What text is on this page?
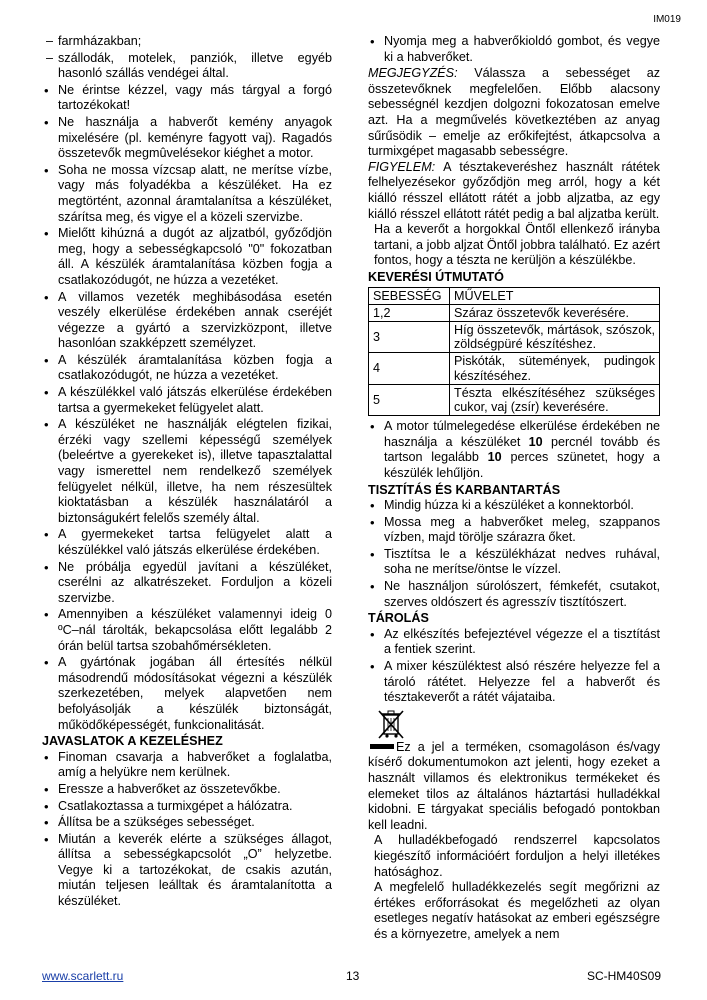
IM019
– farmházakban;
– szállodák, motelek, panziók, illetve egyéb hasonló szállás vendégei által.
• Ne érintse kézzel, vagy más tárgyal a forgó tartozékokat!
• Ne használja a habverőt kemény anyagok mixelésére (pl. keményre fagyott vaj). Ragadós összetevők megmûvelésekor kiéghet a motor.
• Soha ne mossa vízcsap alatt, ne merítse vízbe, vagy más folyadékba a készüléket. Ha ez megtörtént, azonnal áramtalanítsa a készüléket, szárítsa meg, és vigye el a közeli szervizbe.
• Mielőtt kihúzná a dugót az aljzatból, győződjön meg, hogy a sebességkapcsoló "0" fokozatban áll. A készülék áramtalanítása közben fogja a csatlakozódugót, ne húzza a vezetéket.
• A villamos vezeték meghibásodása esetén veszély elkerülése érdekében annak cseréjét végezze a gyártó a szervizközpont, illetve hasonlóan szakképzett személyzet.
• A készülék áramtalanítása közben fogja a csatlakozódugót, ne húzza a vezetéket.
• A készülékkel való játszás elkerülése érdekében tartsa a gyermekeket felügyelet alatt.
• A készüléket ne használják elégtelen fizikai, érzéki vagy szellemi képességű személyek (beleértve a gyerekeket is), illetve tapasztalattal vagy ismerettel nem rendelkező személyek felügyelet nélkül, illetve, ha nem részesültek kioktatásban a készülék használatáról a biztonságukért felelős személy által.
• A gyermekeket tartsa felügyelet alatt a készülékkel való játszás elkerülése érdekében.
• Ne próbálja egyedül javítani a készüléket, cserélni az alkatrészeket. Forduljon a közeli szervizbe.
• Amennyiben a készüléket valamennyi ideig 0 ºC–nál tárolták, bekapcsolása előtt legalább 2 órán belül tartsa szobahőmérsékleten.
• A gyártónak jogában áll értesítés nélkül másodrendű módosításokat végezni a készülék szerkezetében, melyek alapvetően nem befolyásolják a készülék biztonságát, működőképességét, funkcionalitását.
JAVASLATOK A KEZELÉSHEZ
• Finoman csavarja a habverőket a foglalatba, amíg a helyükre nem kerülnek.
• Eressze a habverőket az összetevőkbe.
• Csatlakoztassa a turmixgépet a hálózatra.
• Állítsa be a szükséges sebességet.
• Miután a keverék elérte a szükséges állagot, állítsa a sebességkapcsolót „O” helyzetbe. Vegye ki a tartozékokat, de csakis azután, miután teljesen leálltak és áramtalanította a készüléket.
• Nyomja meg a habverőkioldó gombot, és vegye ki a habverőket.

MEGJEGYZÉS: Válassza a sebességet az összetevőknek megfelelően. Előbb alacsony sebességnél kezdjen dolgozni fokozatosan emelve azt. Ha a megművelés következtében az anyag sűrűsödik – emelje az erőkifejtést, átkapcsolva a turmixgépet magasabb sebességre.

FIGYELEM: A tésztakeveréshez használt rátétek felhelyezésekor győződjön meg arról, hogy a két kiálló résszel ellátott rátét a jobb aljzatba, az egy kiálló résszel ellátott rátét pedig a bal aljzatba került.

Ha a keverőt a horgokkal Öntől ellenkező irányba tartani, a jobb aljzat Öntől jobbra található. Ez azért fontos, hogy a tészta ne kerüljön a készülékbe.

KEVERÉSI ÚTMUTATÓ
SEBESSÉG	MŰVELET
1,2	Száraz összetevők keverésére.
3	Híg összetevők, mártások, szószok, zöldségpüré készítéshez.
4	Piskóták, sütemények, pudingok készítéséhez.
5	Tészta elkészítéséhez szükséges cukor, vaj (zsír) keverésére.
• A motor túlmelegedése elkerülése érdekében ne használja a készüléket 10 percnél tovább és tartson legalább 10 perces szünetet, hogy a készülék lehűljön.
TISZTÍTÁS ÉS KARBANTARTÁS
• Mindig húzza ki a készüléket a konnektorból.
• Mossa meg a habverőket meleg, szappanos vízben, majd törölje szárazra őket.
• Tisztítsa le a készülékházat nedves ruhával, soha ne merítse/öntse le vízzel.
• Ne használjon súrolószert, fémkefét, csutakot, szerves oldószert és agresszív tisztítószert.
TÁROLÁS
• Az elkészítés befejeztével végezze el a tisztítást a fentiek szerint.
• A mixer készüléktest alsó részére helyezze fel a tároló rátétet. Helyezze fel a habverőt és tésztakeverőt a rátét vájataiba.

Ez a jel a terméken, csomagoláson és/vagy kísérő dokumentumokon azt jelenti, hogy ezeket a használt villamos és elektronikus termékeket és elemeket tilos az általános háztartási hulladékkal kidobni. E tárgyakat speciális befogadó pontokban kell leadni.

A hulladékbefogadó rendszerrel kapcsolatos kiegészítő információért forduljon a helyi illetékes hatósághoz.

A megfelelő hulladékkezelés segít megőrizni az értékes erőforrásokat és megelőzheti az olyan esetleges negatív hatásokat az emberi egészségre és a környezetre, amelyek a nem

www.scarlett.ru	13	SC-HM40S09
